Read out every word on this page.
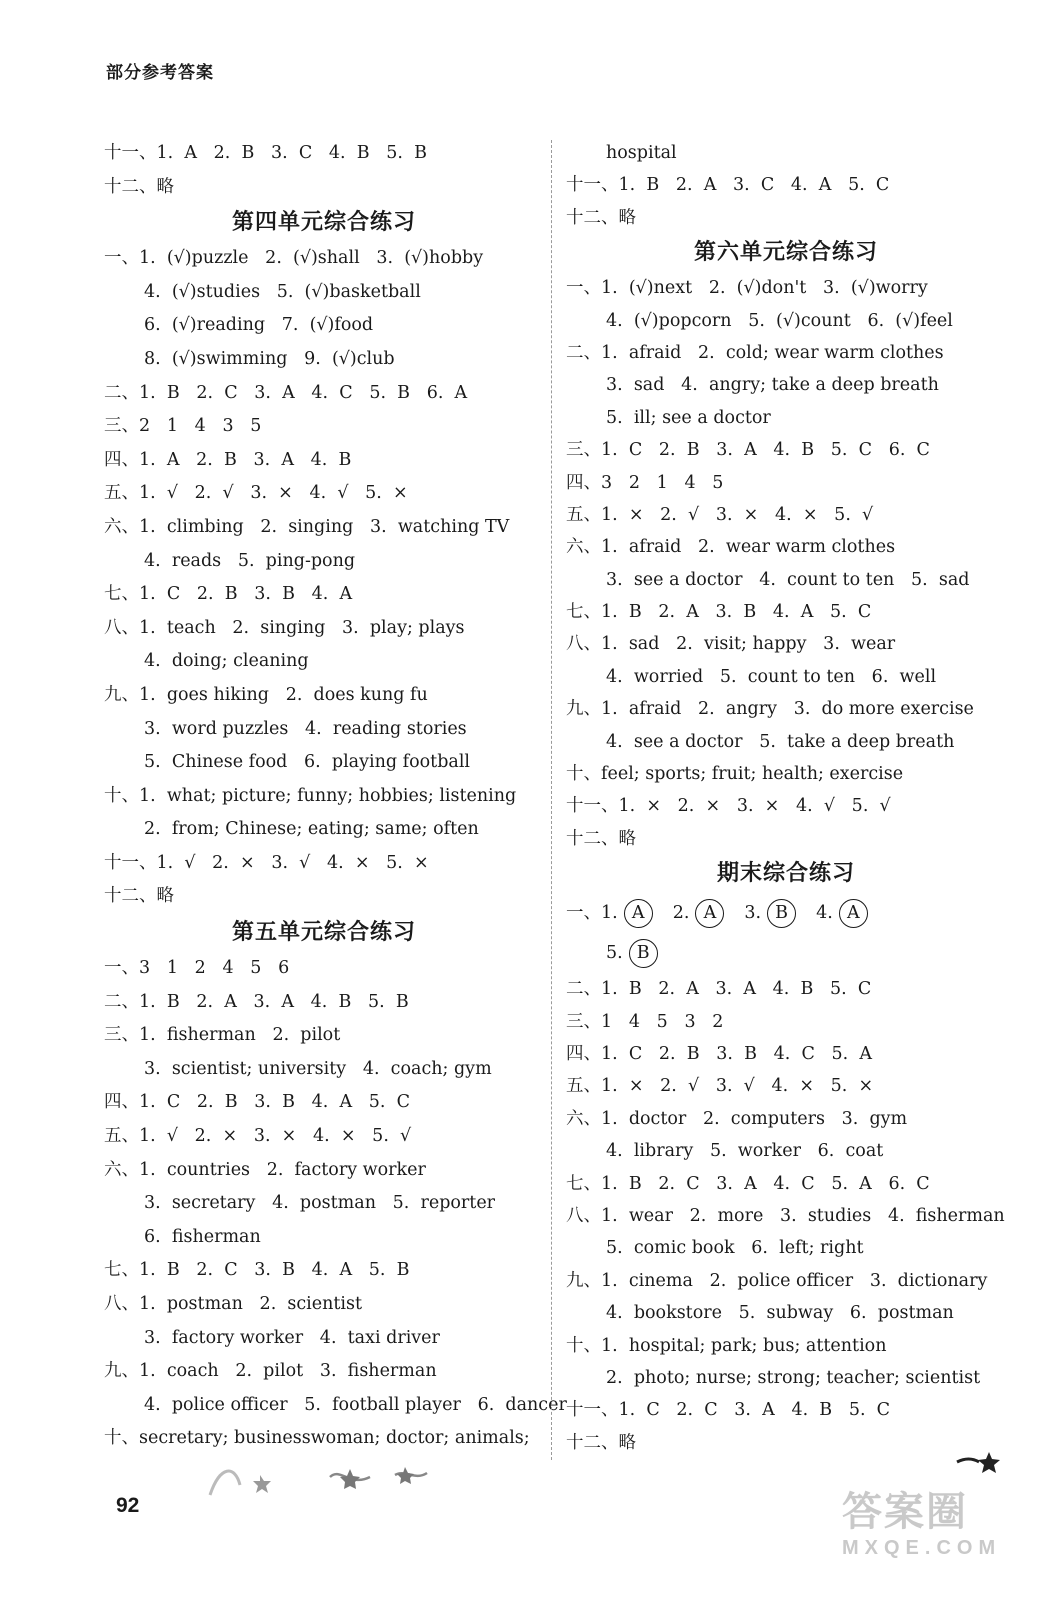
部分参考答案
十一、1.  A   2.  B   3.  C   4.  B   5.  B
十二、略
第四单元综合练习
一、1.  (√)puzzle   2.  (√)shall   3.  (√)hobby
4.  (√)studies   5.  (√)basketball
6.  (√)reading   7.  (√)food
8.  (√)swimming   9.  (√)club
二、1.  B   2.  C   3.  A   4.  C   5.  B   6.  A
三、2   1   4   3   5
四、1.  A   2.  B   3.  A   4.  B
五、1.  √   2.  √   3.  ×   4.  √   5.  ×
六、1.  climbing   2.  singing   3.  watching TV
4.  reads   5.  ping-pong
七、1.  C   2.  B   3.  B   4.  A
八、1.  teach   2.  singing   3.  play; plays
4.  doing; cleaning
九、1.  goes hiking   2.  does kung fu
3.  word puzzles   4.  reading stories
5.  Chinese food   6.  playing football
十、1.  what; picture; funny; hobbies; listening
2.  from; Chinese; eating; same; often
十一、1.  √   2.  ×   3.  √   4.  ×   5.  ×
十二、略
第五单元综合练习
一、3   1   2   4   5   6
二、1.  B   2.  A   3.  A   4.  B   5.  B
三、1.  fisherman   2.  pilot
3.  scientist; university   4.  coach; gym
四、1.  C   2.  B   3.  B   4.  A   5.  C
五、1.  √   2.  ×   3.  ×   4.  ×   5.  √
六、1.  countries   2.  factory worker
3.  secretary   4.  postman   5.  reporter
6.  fisherman
七、1.  B   2.  C   3.  B   4.  A   5.  B
八、1.  postman   2.  scientist
3.  factory worker   4.  taxi driver
九、1.  coach   2.  pilot   3.  fisherman
4.  police officer   5.  football player   6.  dancer
十、secretary; businesswoman; doctor; animals;
hospital
十一、1.  B   2.  A   3.  C   4.  A   5.  C
十二、略
第六单元综合练习
一、1.  (√)next   2.  (√)don't   3.  (√)worry
4.  (√)popcorn   5.  (√)count   6.  (√)feel
二、1.  afraid   2.  cold; wear warm clothes
3.  sad   4.  angry; take a deep breath
5.  ill; see a doctor
三、1.  C   2.  B   3.  A   4.  B   5.  C   6.  C
四、3   2   1   4   5
五、1.  ×   2.  √   3.  ×   4.  ×   5.  √
六、1.  afraid   2.  wear warm clothes
3.  see a doctor   4.  count to ten   5.  sad
七、1.  B   2.  A   3.  B   4.  A   5.  C
八、1.  sad   2.  visit; happy   3.  wear
4.  worried   5.  count to ten   6.  well
九、1.  afraid   2.  angry   3.  do more exercise
4.  see a doctor   5.  take a deep breath
十、feel; sports; fruit; health; exercise
十一、1.  ×   2.  ×   3.  ×   4.  √   5.  √
十二、略
期末综合练习
一、1. A 2. A 3. B 4. A
5. B
二、1.  B   2.  A   3.  A   4.  B   5.  C
三、1   4   5   3   2
四、1.  C   2.  B   3.  B   4.  C   5.  A
五、1.  ×   2.  √   3.  √   4.  ×   5.  ×
六、1.  doctor   2.  computers   3.  gym
4.  library   5.  worker   6.  coat
七、1.  B   2.  C   3.  A   4.  C   5.  A   6.  C
八、1.  wear   2.  more   3.  studies   4.  fisherman
5.  comic book   6.  left; right
九、1.  cinema   2.  police officer   3.  dictionary
4.  bookstore   5.  subway   6.  postman
十、1.  hospital; park; bus; attention
2.  photo; nurse; strong; teacher; scientist
十一、1.  C   2.  C   3.  A   4.  B   5.  C
十二、略
92	答案圈
MXQE.COM
